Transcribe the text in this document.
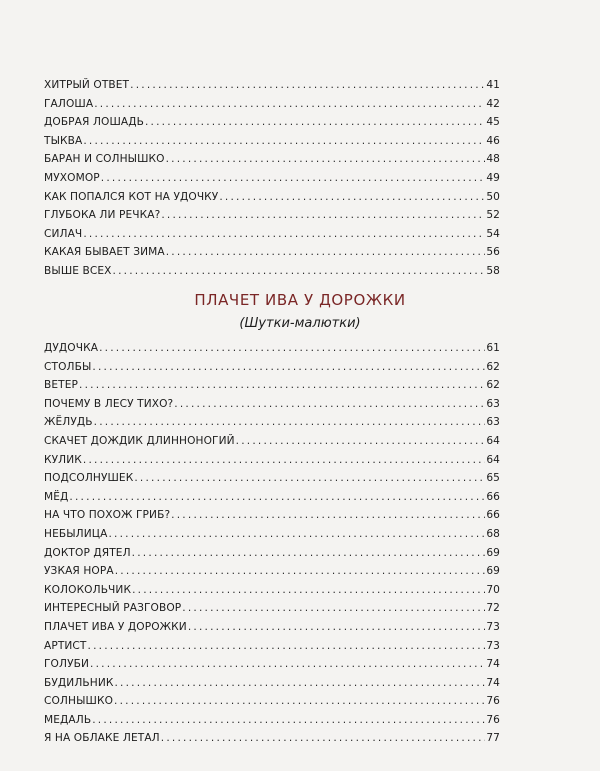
ХИТРЫЙ ОТВЕТ .....	41
ГАЛОША .....	42
ДОБРАЯ ЛОШАДЬ .....	45
ТЫКВА .....	46
БАРАН И СОЛНЫШКО .....	48
МУХОМОР .....	49
КАК ПОПАЛСЯ КОТ НА УДОЧКУ .....	50
ГЛУБОКА ЛИ РЕЧКА? .....	52
СИЛАЧ .....	54
КАКАЯ БЫВАЕТ ЗИМА .....	56
ВЫШЕ ВСЕХ .....	58
ПЛАЧЕТ ИВА У ДОРОЖКИ
(Шутки-малютки)
ДУДОЧКА .....	61
СТОЛБЫ .....	62
ВЕТЕР .....	62
ПОЧЕМУ В ЛЕСУ ТИХО? .....	63
ЖЁЛУДЬ .....	63
СКАЧЕТ ДОЖДИК ДЛИННОНОГИЙ .....	64
КУЛИК .....	64
ПОДСОЛНУШЕК .....	65
МЁД .....	66
НА ЧТО ПОХОЖ ГРИБ? .....	66
НЕБЫЛИЦА .....	68
ДОКТОР ДЯТЕЛ .....	69
УЗКАЯ НОРА .....	69
КОЛОКОЛЬЧИК .....	70
ИНТЕРЕСНЫЙ РАЗГОВОР .....	72
ПЛАЧЕТ ИВА У ДОРОЖКИ .....	73
АРТИСТ .....	73
ГОЛУБИ .....	74
БУДИЛЬНИК .....	74
СОЛНЫШКО .....	76
МЕДАЛЬ .....	76
Я НА ОБЛАКЕ ЛЕТАЛ .....	77
